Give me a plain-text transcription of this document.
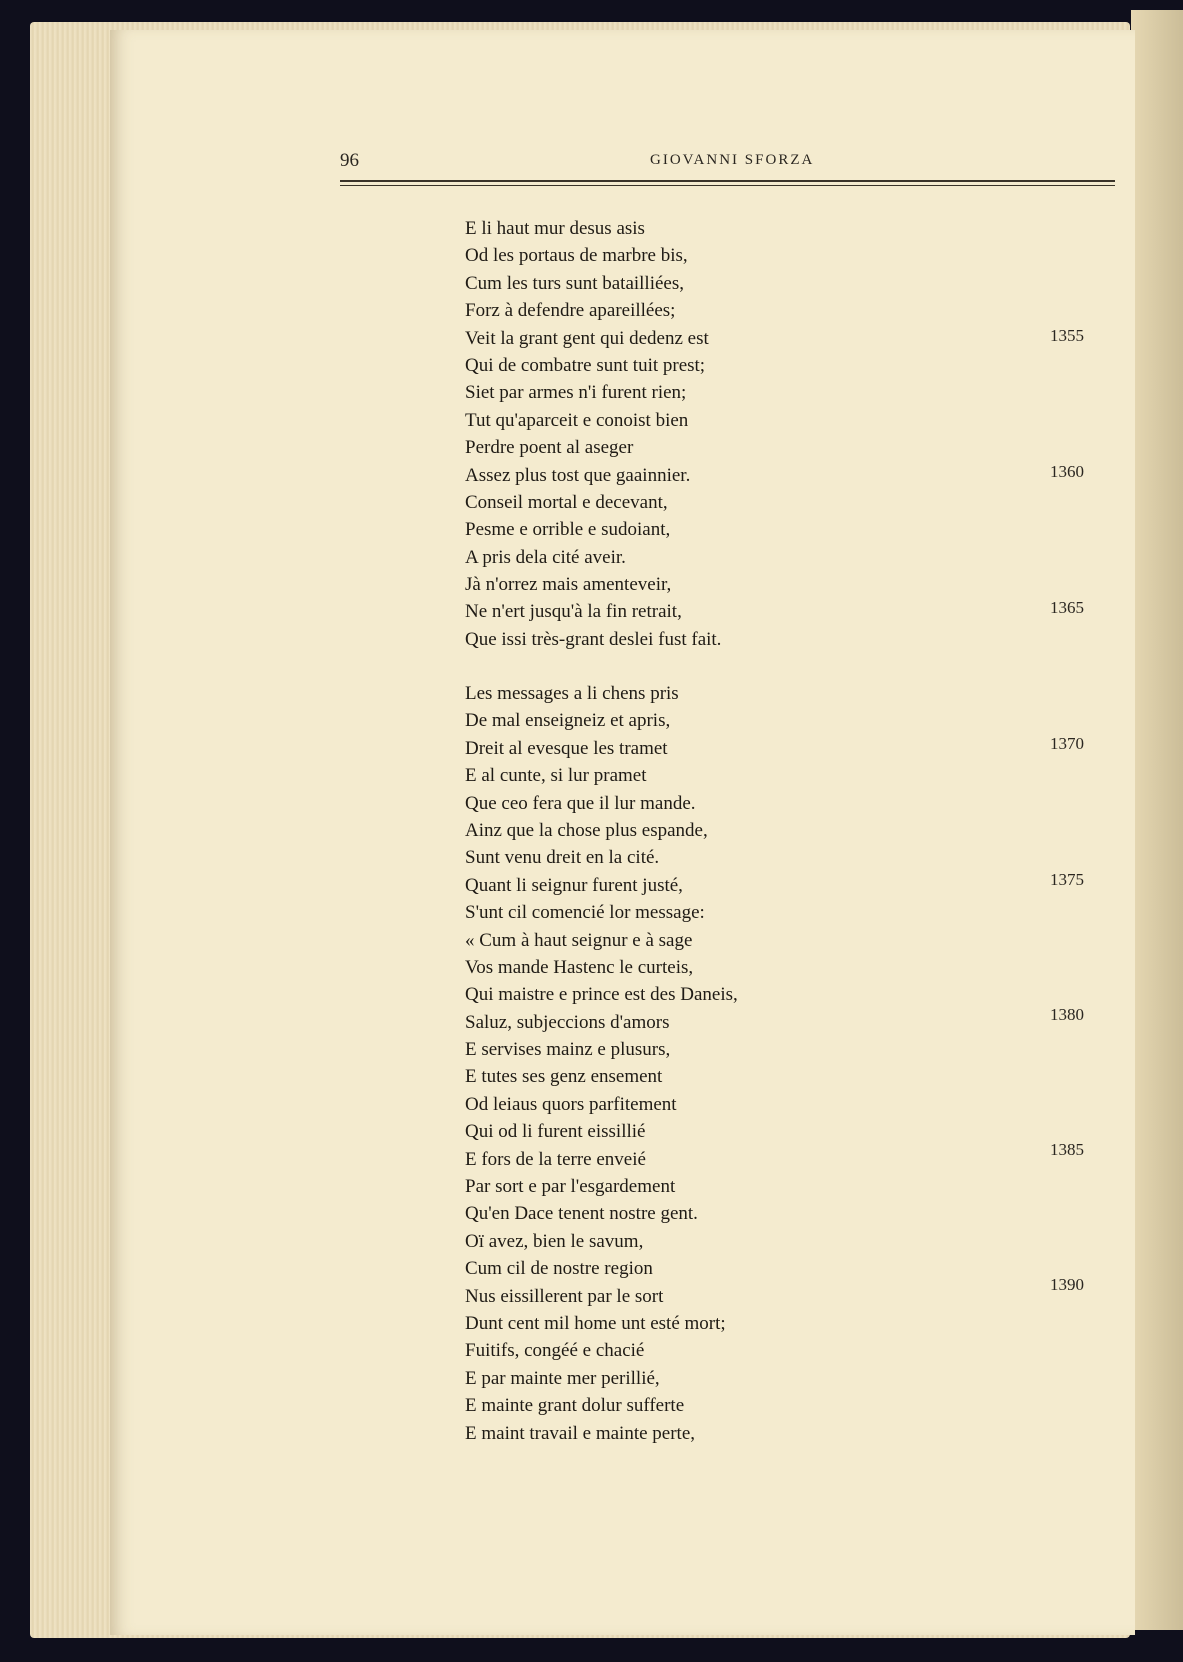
96	GIOVANNI SFORZA
E li haut mur desus asis
Od les portaus de marbre bis,
Cum les turs sunt batailliées,
Forz à defendre apareillées;
Veit la grant gent qui dedenz est
Qui de combatre sunt tuit prest;
Siet par armes n'i furent rien;
Tut qu'aparceit e conoist bien
Perdre poent al aseger
Assez plus tost que gaainnier.
Conseil mortal e decevant,
Pesme e orrible e sudoiant,
A pris dela cité aveir.
Jà n'orrez mais amenteveir,
Ne n'ert jusqu'à la fin retrait,
Que issi très-grant deslei fust fait.
Les messages a li chens pris
De mal enseigneiz et apris,
Dreit al evesque les tramet
E al cunte, si lur pramet
Que ceo fera que il lur mande.
Ainz que la chose plus espande,
Sunt venu dreit en la cité.
Quant li seignur furent justé,
S'unt cil comencié lor message:
« Cum à haut seignur e à sage
Vos mande Hastenc le curteis,
Qui maistre e prince est des Daneis,
Saluz, subjeccions d'amors
E servises mainz e plusurs,
E tutes ses genz ensement
Od leiaus quors parfitement
Qui od li furent eissillié
E fors de la terre enveié
Par sort e par l'esgardement
Qu'en Dace tenent nostre gent.
Oï avez, bien le savum,
Cum cil de nostre region
Nus eissillerent par le sort
Dunt cent mil home unt esté mort;
Fuitifs, congéé e chacié
E par mainte mer perillié,
E mainte grant dolur sufferte
E maint travail e mainte perte,
1355
1360
1365
1370
1375
1380
1385
1390
